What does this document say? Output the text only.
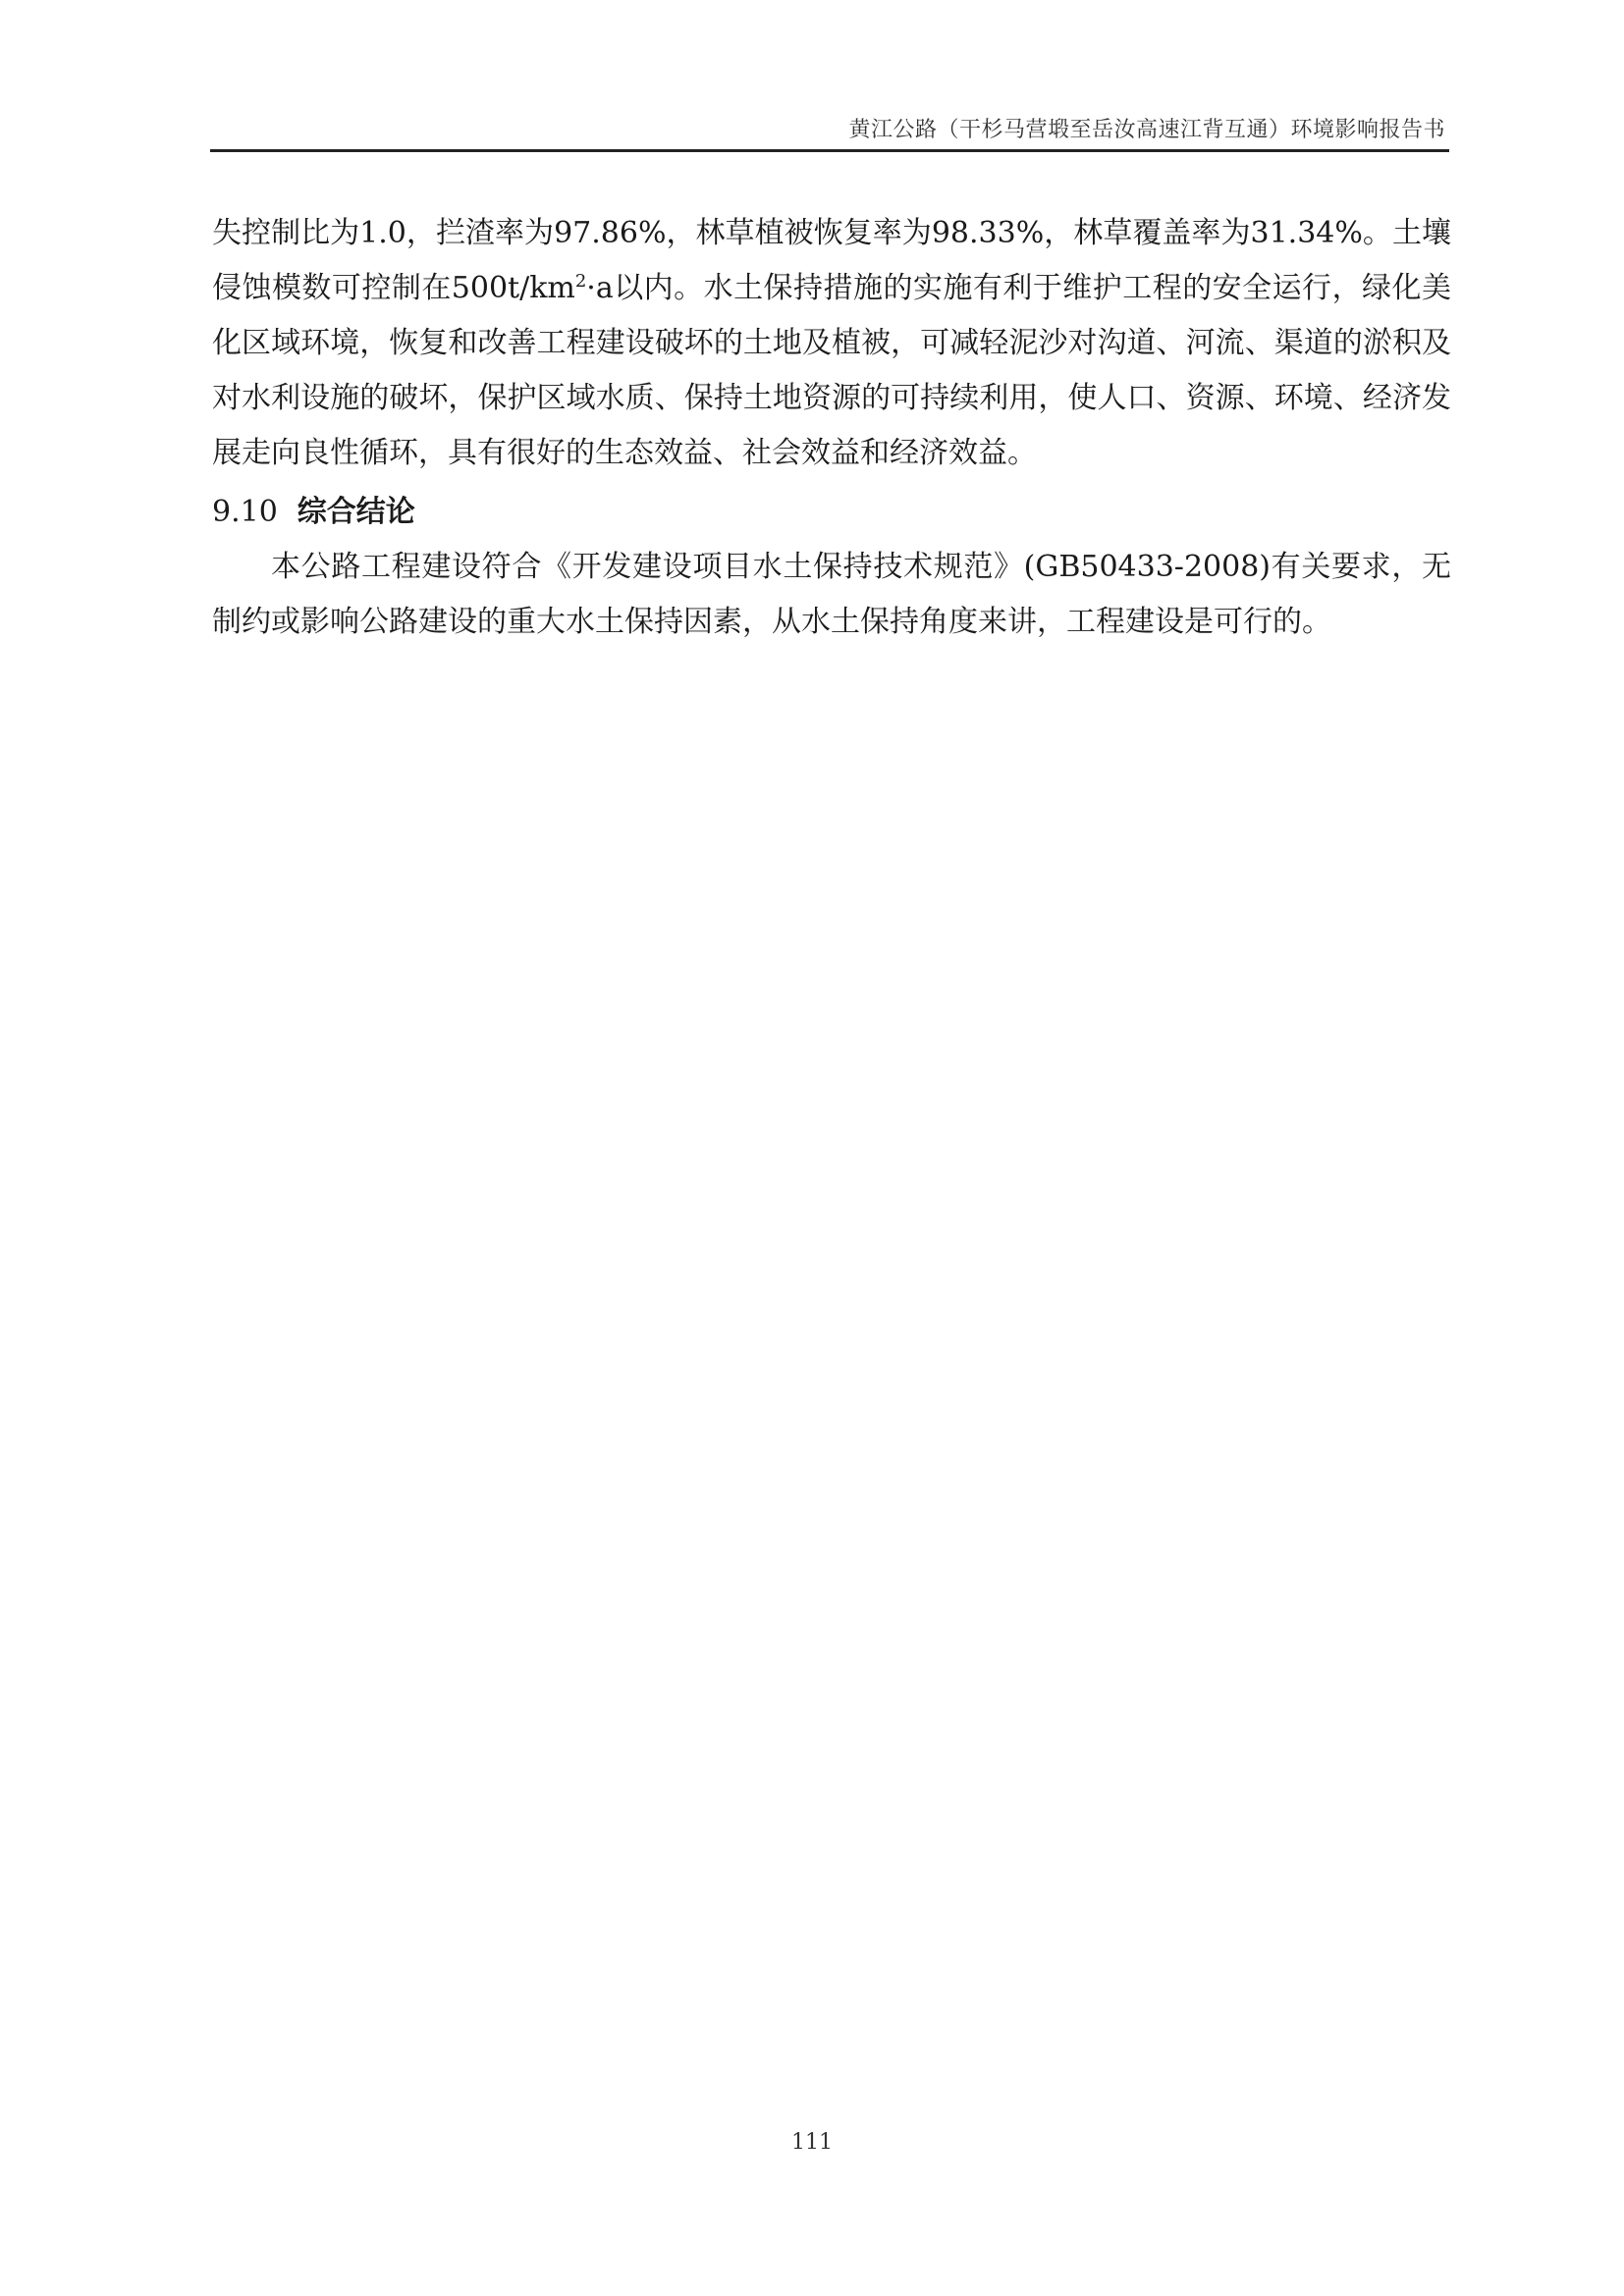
黄江公路（干杉马营塅至岳汝高速江背互通）环境影响报告书

失控制比为1.0，拦渣率为97.86%，林草植被恢复率为98.33%，林草覆盖率为31.34%。土壤侵蚀模数可控制在$500t/km^2\cdot a$以内。水土保持措施的实施有利于维护工程的安全运行，绿化美化区域环境，恢复和改善工程建设破坏的土地及植被，可减轻泥沙对沟道、河流、渠道的淤积及对水利设施的破坏，保护区域水质、保持土地资源的可持续利用，使人口、资源、环境、经济发展走向良性循环，具有很好的生态效益、社会效益和经济效益。

9.10 综合结论

本公路工程建设符合《开发建设项目水土保持技术规范》(GB50433-2008)有关要求，无制约或影响公路建设的重大水土保持因素，从水土保持角度来讲，工程建设是可行的。

111
